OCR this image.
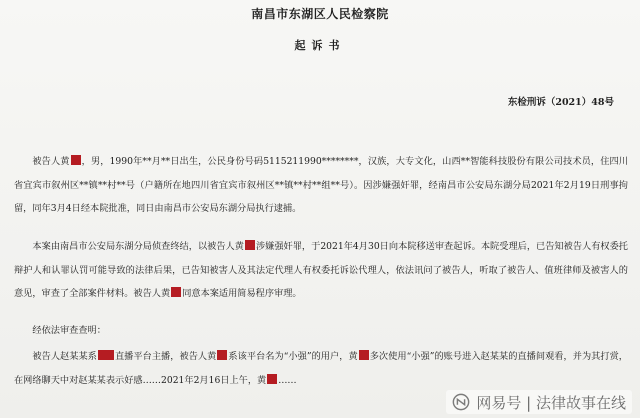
南昌市东湖区人民检察院
起诉书
东检刑诉（2021）48号
被告人黄 ，男，1990年**月**日出生，公民身份号码5115211990********，汉族，大专文化，山西**智能科技股份有限公司技术员，住四川省宜宾市叙州区**镇**村**号（户籍所在地四川省宜宾市叙州区**镇**村**组**号）。因涉嫌强奸罪，经南昌市公安局东湖分局2021年2月19日刑事拘留，同年3月4日经本院批准，同日由南昌市公安局东湖分局执行逮捕。
本案由南昌市公安局东湖分局侦查终结，以被告人黄 涉嫌强奸罪，于2021年4月30日向本院移送审查起诉。本院受理后，已告知被告人有权委托辩护人和认罪认罚可能导致的法律后果，已告知被害人及其法定代理人有权委托诉讼代理人，依法讯问了被告人，听取了被告人、值班律师及被害人的意见，审查了全部案件材料。被告人黄 同意本案适用简易程序审理。
经依法审查查明：
被告人赵某某系 直播平台主播，被告人黄 系该平台名为“小强”的用户，黄 多次使用“小强”的账号进入赵某某的直播间观看，并为其打赏，在网络聊天中对赵某某表示好感……2021年2月16日上午，黄 ……
网易号 | 法律故事在线
